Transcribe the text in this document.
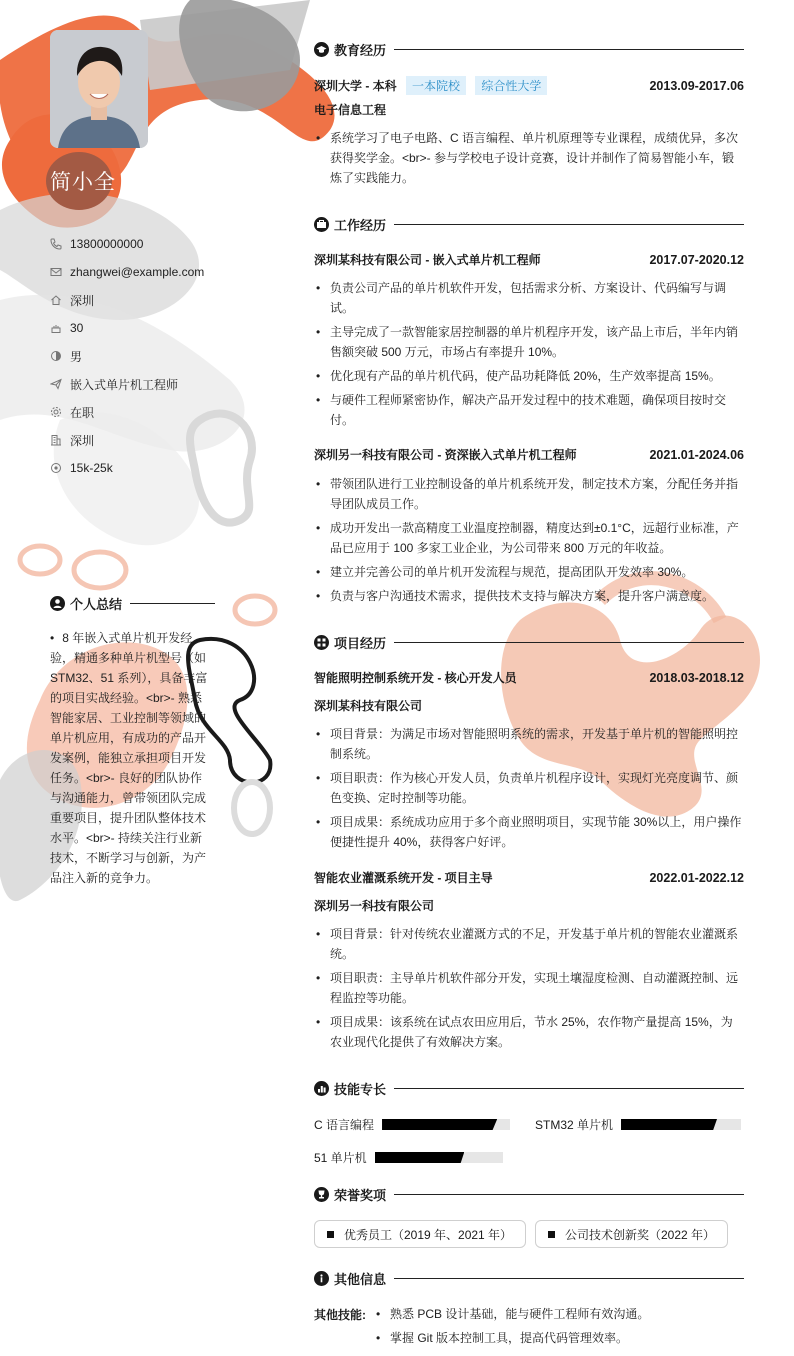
简小全
13800000000
zhangwei@example.com
深圳
30
男
嵌入式单片机工程师
在职
深圳
15k-25k
个人总结
• 8 年嵌入式单片机开发经验，精通多种单片机型号（如 STM32、51 系列），具备丰富的项目实战经验。<br>- 熟悉智能家居、工业控制等领域的单片机应用，有成功的产品开发案例，能独立承担项目开发任务。<br>- 良好的团队协作与沟通能力，曾带领团队完成重要项目，提升团队整体技术水平。<br>- 持续关注行业新技术，不断学习与创新，为产品注入新的竞争力。
教育经历
深圳大学 - 本科 一本院校 综合性大学	2013.09-2017.06
电子信息工程
• 系统学习了电子电路、C 语言编程、单片机原理等专业课程，成绩优异，多次获得奖学金。<br>- 参与学校电子设计竞赛，设计并制作了简易智能小车，锻炼了实践能力。
工作经历
深圳某科技有限公司 - 嵌入式单片机工程师	2017.07-2020.12
• 负责公司产品的单片机软件开发，包括需求分析、方案设计、代码编写与调试。
• 主导完成了一款智能家居控制器的单片机程序开发，该产品上市后，半年内销售额突破 500 万元，市场占有率提升 10%。
• 优化现有产品的单片机代码，使产品功耗降低 20%，生产效率提高 15%。
• 与硬件工程师紧密协作，解决产品开发过程中的技术难题，确保项目按时交付。
深圳另一科技有限公司 - 资深嵌入式单片机工程师	2021.01-2024.06
• 带领团队进行工业控制设备的单片机系统开发，制定技术方案，分配任务并指导团队成员工作。
• 成功开发出一款高精度工业温度控制器，精度达到±0.1°C，远超行业标准，产品已应用于 100 多家工业企业，为公司带来 800 万元的年收益。
• 建立并完善公司的单片机开发流程与规范，提高团队开发效率 30%。
• 负责与客户沟通技术需求，提供技术支持与解决方案，提升客户满意度。
项目经历
智能照明控制系统开发 - 核心开发人员	2018.03-2018.12
深圳某科技有限公司
• 项目背景：为满足市场对智能照明系统的需求，开发基于单片机的智能照明控制系统。
• 项目职责：作为核心开发人员，负责单片机程序设计，实现灯光亮度调节、颜色变换、定时控制等功能。
• 项目成果：系统成功应用于多个商业照明项目，实现节能 30%以上，用户操作便捷性提升 40%，获得客户好评。
智能农业灌溉系统开发 - 项目主导	2022.01-2022.12
深圳另一科技有限公司
• 项目背景：针对传统农业灌溉方式的不足，开发基于单片机的智能农业灌溉系统。
• 项目职责：主导单片机软件部分开发，实现土壤湿度检测、自动灌溉控制、远程监控等功能。
• 项目成果：该系统在试点农田应用后，节水 25%，农作物产量提高 15%，为农业现代化提供了有效解决方案。
技能专长
C 语言编程	STM32 单片机
51 单片机
荣誉奖项
优秀员工（2019 年、2021 年）	公司技术创新奖（2022 年）
其他信息
其他技能:
•	熟悉 PCB 设计基础，能与硬件工程师有效沟通。
• 掌握 Git 版本控制工具，提高代码管理效率。
